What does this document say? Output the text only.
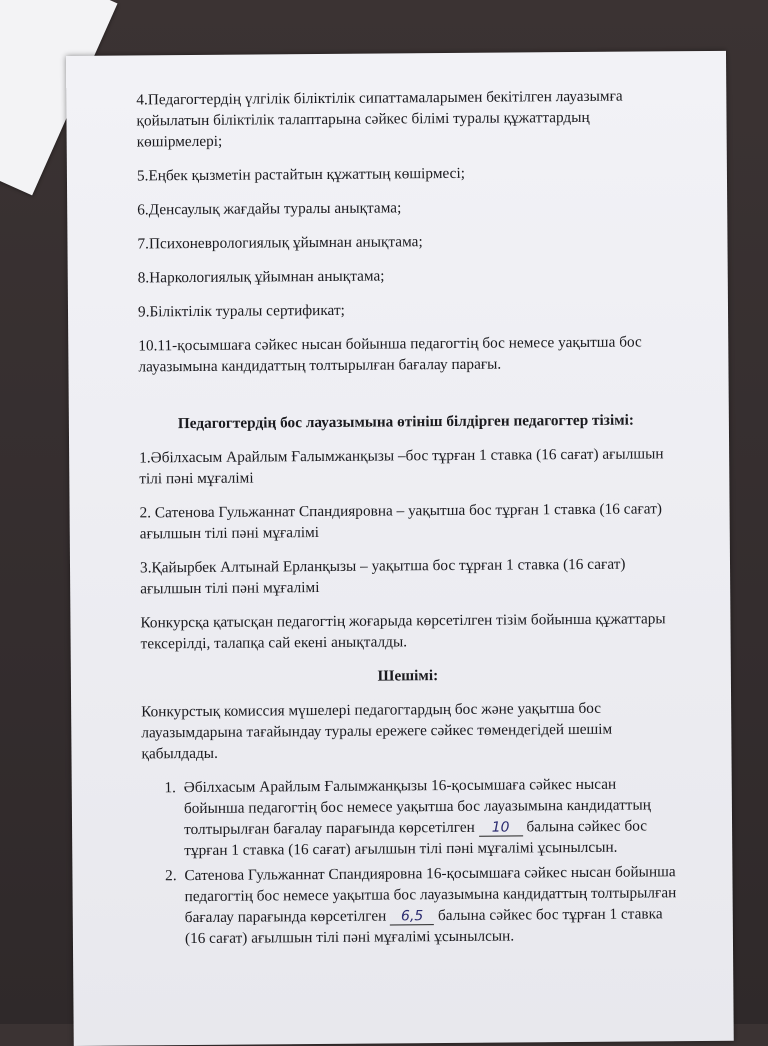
4.Педагогтердің үлгілік біліктілік сипаттамаларымен бекітілген лауазымға қойылатын біліктілік талаптарына сәйкес білімі туралы құжаттардың көшірмелері;

5.Еңбек қызметін растайтын құжаттың көшірмесі;

6.Денсаулық жағдайы туралы анықтама;

7.Психоневрологиялық ұйымнан анықтама;

8.Наркологиялық ұйымнан анықтама;

9.Біліктілік туралы сертификат;

10.11-қосымшаға сәйкес нысан бойынша педагогтің бос немесе уақытша бос лауазымына кандидаттың толтырылған бағалау парағы.

Педагогтердің бос лауазымына өтініш білдірген педагогтер тізімі:

1.Әбілхасым Арайлым Ғалымжанқызы –бос тұрған 1 ставка (16 сағат) ағылшын тілі пәні мұғалімі

2. Сатенова Гульжаннат Спандияровна – уақытша бос тұрған 1 ставка (16 сағат) ағылшын тілі пәні мұғалімі

3.Қайырбек Алтынай Ерланқызы – уақытша бос тұрған 1 ставка (16 сағат) ағылшын тілі пәні мұғалімі

Конкурсқа қатысқан педагогтің жоғарыда көрсетілген тізім бойынша құжаттары тексерілді, талапқа сай екені анықталды.

Шешімі:

Конкурстық комиссия мүшелері педагогтардың бос және уақытша бос лауазымдарына тағайындау туралы ережеге сәйкес төмендегідей шешім қабылдады.

1. Әбілхасым Арайлым Ғалымжанқызы 16-қосымшаға сәйкес нысан бойынша педагогтің бос немесе уақытша бос лауазымына кандидаттың толтырылған бағалау парағында көрсетілген 10 балына сәйкес бос тұрған 1 ставка (16 сағат) ағылшын тілі пәні мұғалімі ұсынылсын.
2. Сатенова Гульжаннат Спандиярoвна 16-қосымшаға сәйкес нысан бойынша педагогтің бос немесе уақытша бос лауазымына кандидаттың толтырылған бағалау парағында көрсетілген 6,5 балына сәйкес бос тұрған 1 ставка (16 сағат) ағылшын тілі пәні мұғалімі ұсынылсын.
